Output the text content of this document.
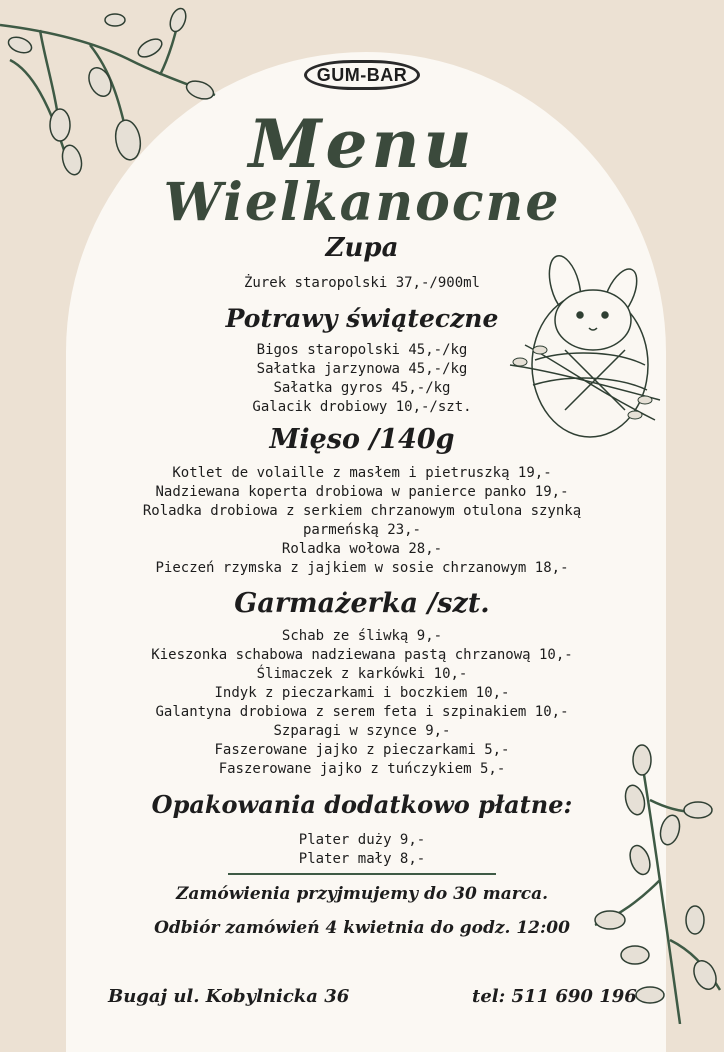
GUM-BAR
Menu
Wielkanocne
Zupa
Żurek staropolski 37,-/900ml
Potrawy świąteczne
Bigos staropolski 45,-/kg
Sałatka jarzynowa 45,-/kg
Sałatka gyros 45,-/kg
Galacik drobiowy 10,-/szt.
Mięso /140g
Kotlet de volaille z masłem i pietruszką 19,-
Nadziewana koperta drobiowa w panierce panko 19,-
Roladka drobiowa z serkiem chrzanowym otulona szynką
parmeńską 23,-
Roladka wołowa 28,-
Pieczeń rzymska z jajkiem w sosie chrzanowym 18,-
Garmażerka /szt.
Schab ze śliwką 9,-
Kieszonka schabowa nadziewana pastą chrzanową 10,-
Ślimaczek z karkówki 10,-
Indyk z pieczarkami i boczkiem 10,-
Galantyna drobiowa z serem feta i szpinakiem 10,-
Szparagi w szynce 9,-
Faszerowane jajko z pieczarkami 5,-
Faszerowane jajko z tuńczykiem 5,-
Opakowania dodatkowo płatne:
Plater duży 9,-
Plater mały 8,-
Zamówienia przyjmujemy do 30 marca.
Odbiór zamówień 4 kwietnia do godz. 12:00
Bugaj ul. Kobylnicka 36	tel: 511 690 196
